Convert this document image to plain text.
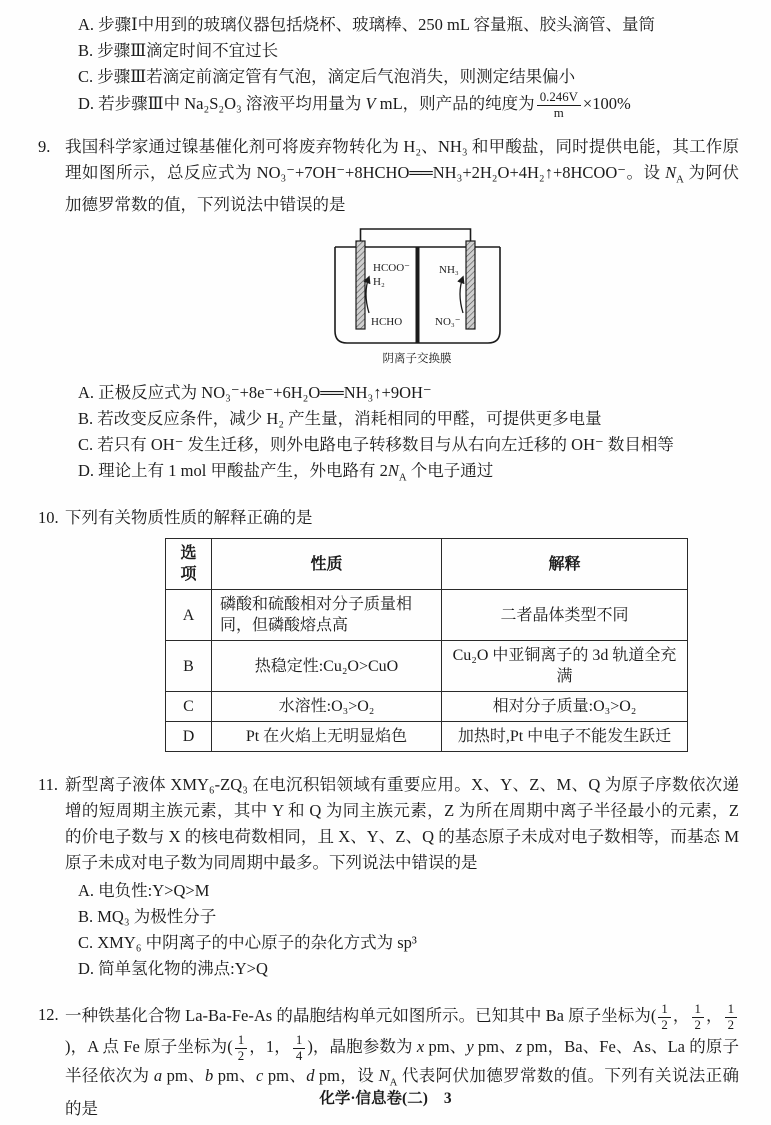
A. 步骤Ⅰ中用到的玻璃仪器包括烧杯、玻璃棒、250 mL 容量瓶、胶头滴管、量筒
B. 步骤Ⅲ滴定时间不宜过长
C. 步骤Ⅲ若滴定前滴定管有气泡，滴定后气泡消失，则测定结果偏小
D. 若步骤Ⅲ中 Na₂S₂O₃ 溶液平均用量为 V mL，则产品的纯度为 $\frac{0.246V}{m} \times 100\%$
9. 我国科学家通过镍基催化剂可将废弃物转化为 H₂、NH₃ 和甲酸盐，同时提供电能，其工作原理如图所示，总反应式为 NO₃⁻+7OH⁻+8HCHO══NH₃+2H₂O+4H₂↑+8HCOO⁻。设 $N_A$ 为阿伏加德罗常数的值，下列说法中错误的是

HCOO⁻
H₂
HCHO
NH₃
NO₃⁻
阴离子交换膜
A. 正极反应式为 NO₃⁻+8e⁻+6H₂O══NH₃↑+9OH⁻
B. 若改变反应条件，减少 H₂ 产生量，消耗相同的甲醛，可提供更多电量
C. 若只有 OH⁻ 发生迁移，则外电路电子转移数目与从右向左迁移的 OH⁻ 数目相等
D. 理论上有 1 mol 甲酸盐产生，外电路有 $2N_A$ 个电子通过
10. 下列有关物质性质的解释正确的是

选项	性质	解释
A	磷酸和硫酸相对分子质量相同，但磷酸熔点高	二者晶体类型不同
B	热稳定性:Cu₂O>CuO	Cu₂O 中亚铜离子的 3d 轨道全充满
C	水溶性:O₃>O₂	相对分子质量:O₃>O₂
D	Pt 在火焰上无明显焰色	加热时,Pt 中电子不能发生跃迁
11. 新型离子液体 XMY₆-ZQ₃ 在电沉积铝领域有重要应用。X、Y、Z、M、Q 为原子序数依次递增的短周期主族元素，其中 Y 和 Q 为同主族元素，Z 为所在周期中离子半径最小的元素，Z 的价电子数与 X 的核电荷数相同，且 X、Y、Z、Q 的基态原子未成对电子数相等，而基态 M 原子未成对电子数为同周期中最多。下列说法中错误的是

A. 电负性:Y>Q>M
B. MQ₃ 为极性分子
C. XMY₆ 中阴离子的中心原子的杂化方式为 sp³
D. 简单氢化物的沸点:Y>Q
12. 一种铁基化合物 La-Ba-Fe-As 的晶胞结构单元如图所示。已知其中 Ba 原子坐标为( $\frac{1}{2}$ ， $\frac{1}{2}$ ， $\frac{1}{2}$
)，A 点 Fe 原子坐标为( $\frac{1}{2}$ ，1， $\frac{1}{4}$ )，晶胞参数为 x pm、y pm、z pm，Ba、Fe、As、La 的原子半径依次为 a pm、b pm、c pm、d pm，设 $N_A$ 代表阿伏加德罗常数的值。下列有关说法正确的是

化学·信息卷(二) 3
